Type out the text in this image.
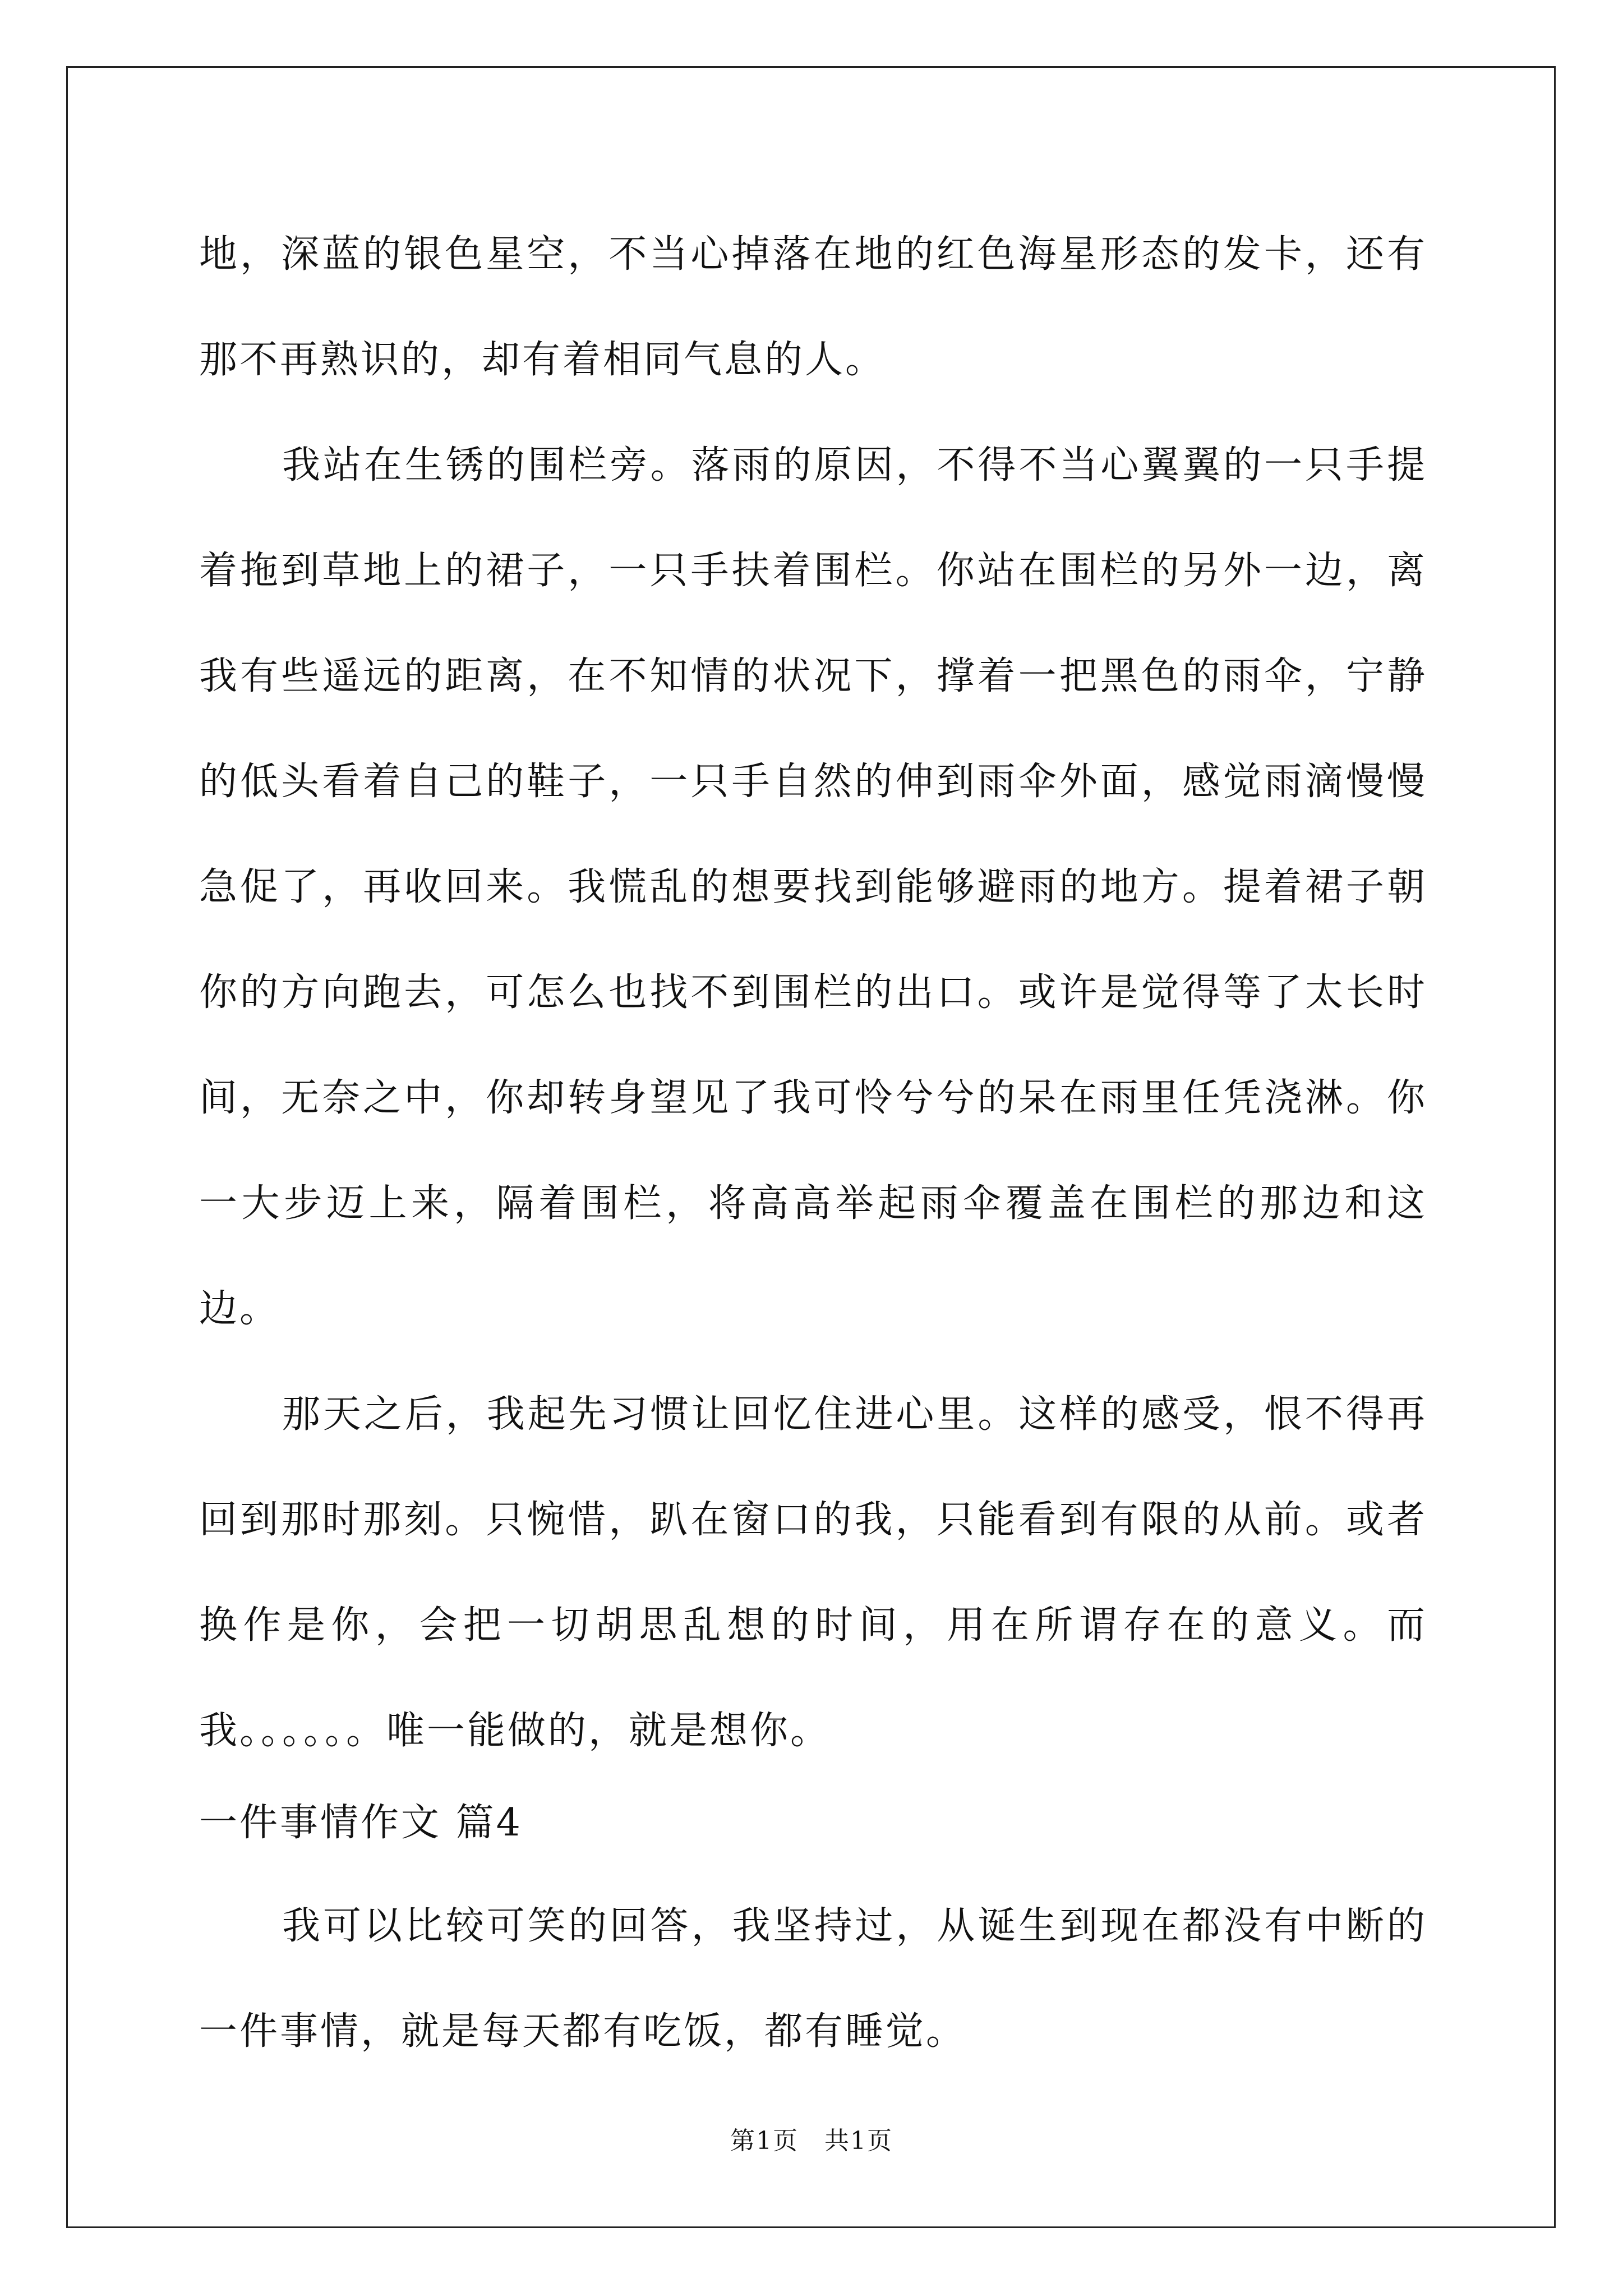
地，深蓝的银色星空，不当心掉落在地的红色海星形态的发卡，还有那不再熟识的，却有着相同气息的人。

我站在生锈的围栏旁。落雨的原因，不得不当心翼翼的一只手提着拖到草地上的裙子，一只手扶着围栏。你站在围栏的另外一边，离我有些遥远的距离，在不知情的状况下，撑着一把黑色的雨伞，宁静的低头看着自己的鞋子，一只手自然的伸到雨伞外面，感觉雨滴慢慢急促了，再收回来。我慌乱的想要找到能够避雨的地方。提着裙子朝你的方向跑去，可怎么也找不到围栏的出口。或许是觉得等了太长时间，无奈之中，你却转身望见了我可怜兮兮的呆在雨里任凭浇淋。你一大步迈上来，隔着围栏，将高高举起雨伞覆盖在围栏的那边和这边。

那天之后，我起先习惯让回忆住进心里。这样的感受，恨不得再回到那时那刻。只惋惜，趴在窗口的我，只能看到有限的从前。或者换作是你，会把一切胡思乱想的时间，用在所谓存在的意义。而我。。。。。。唯一能做的，就是想你。

一件事情作文 篇4

我可以比较可笑的回答，我坚持过，从诞生到现在都没有中断的一件事情，就是每天都有吃饭，都有睡觉。

第1页　共1页
